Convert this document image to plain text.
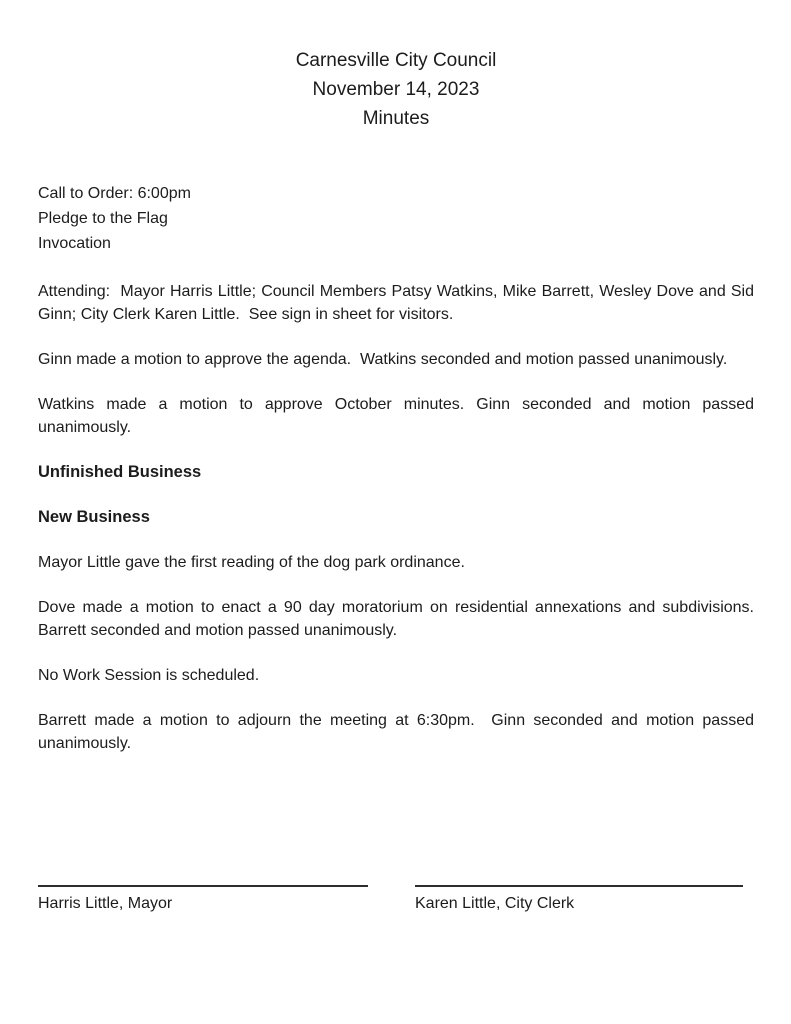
Carnesville City Council
November 14, 2023
Minutes
Call to Order: 6:00pm
Pledge to the Flag
Invocation

Attending:  Mayor Harris Little; Council Members Patsy Watkins, Mike Barrett, Wesley Dove and Sid Ginn; City Clerk Karen Little.  See sign in sheet for visitors.

Ginn made a motion to approve the agenda.  Watkins seconded and motion passed unanimously.

Watkins made a motion to approve October minutes. Ginn seconded and motion passed unanimously.

Unfinished Business
New Business

Mayor Little gave the first reading of the dog park ordinance.

Dove made a motion to enact a 90 day moratorium on residential annexations and subdivisions. Barrett seconded and motion passed unanimously.

No Work Session is scheduled.

Barrett made a motion to adjourn the meeting at 6:30pm.  Ginn seconded and motion passed unanimously.

Harris Little, Mayor	Karen Little, City Clerk
